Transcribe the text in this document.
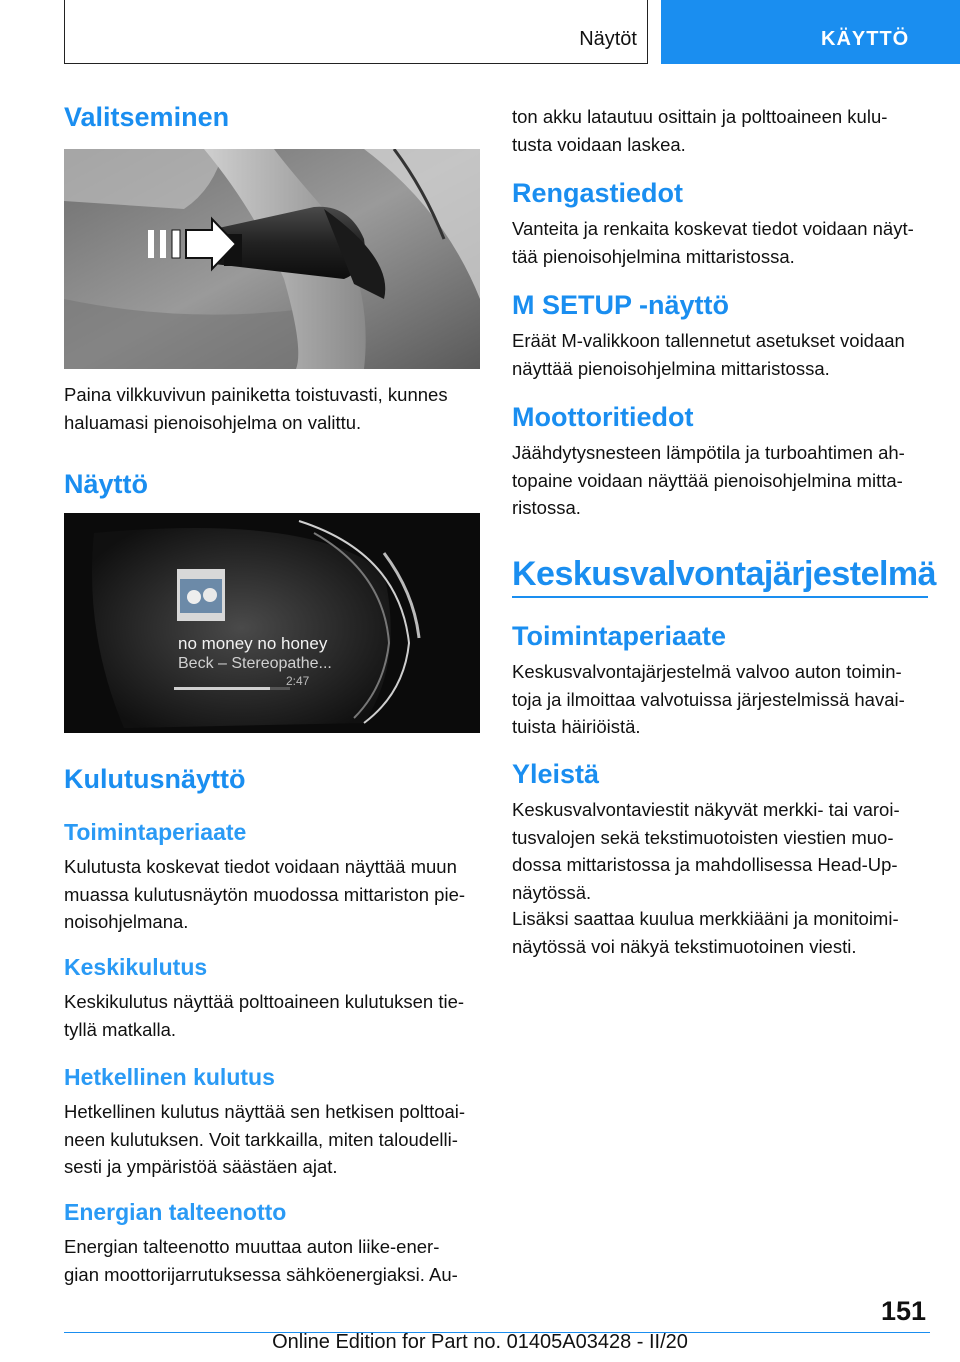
Näytöt	KÄYTTÖ
Valitseminen

Paina vilkkuvivun painiketta toistuvasti, kunnes
haluamasi pienoisohjelma on valittu.

Näyttö
no money no honey
Beck – Stereopathe...
2:47
Kulutusnäyttö
Toimintaperiaate

Kulutusta koskevat tiedot voidaan näyttää muun
muassa kulutusnäytön muodossa mittariston pie-
noisohjelmana.

Keskikulutus

Keskikulutus näyttää polttoaineen kulutuksen tie-
tyllä matkalla.

Hetkellinen kulutus

Hetkellinen kulutus näyttää sen hetkisen polttoai-
neen kulutuksen. Voit tarkkailla, miten taloudelli-
sesti ja ympäristöä säästäen ajat.

Energian talteenotto

Energian talteenotto muuttaa auton liike-ener-
gian moottorijarrutuksessa sähköenergiaksi. Au-

ton akku latautuu osittain ja polttoaineen kulu-
tusta voidaan laskea.

Rengastiedot

Vanteita ja renkaita koskevat tiedot voidaan näyt-
tää pienoisohjelmina mittaristossa.

M SETUP -näyttö

Eräät M-valikkoon tallennetut asetukset voidaan
näyttää pienoisohjelmina mittaristossa.

Moottoritiedot

Jäähdytysnesteen lämpötila ja turboahtimen ah-
topaine voidaan näyttää pienoisohjelmina mitta-
ristossa.

Keskusvalvontajärjestelmä
Toimintaperiaate

Keskusvalvontajärjestelmä valvoo auton toimin-
toja ja ilmoittaa valvotuissa järjestelmissä havai-
tuista häiriöistä.

Yleistä

Keskusvalvontaviestit näkyvät merkki- tai varoi-
tusvalojen sekä tekstimuotoisten viestien muo-
dossa mittaristossa ja mahdollisessa Head-Up-
näytössä.

Lisäksi saattaa kuulua merkkiääni ja monitoimi-
näytössä voi näkyä tekstimuotoinen viesti.

151
Online Edition for Part no. 01405A03428 - II/20
